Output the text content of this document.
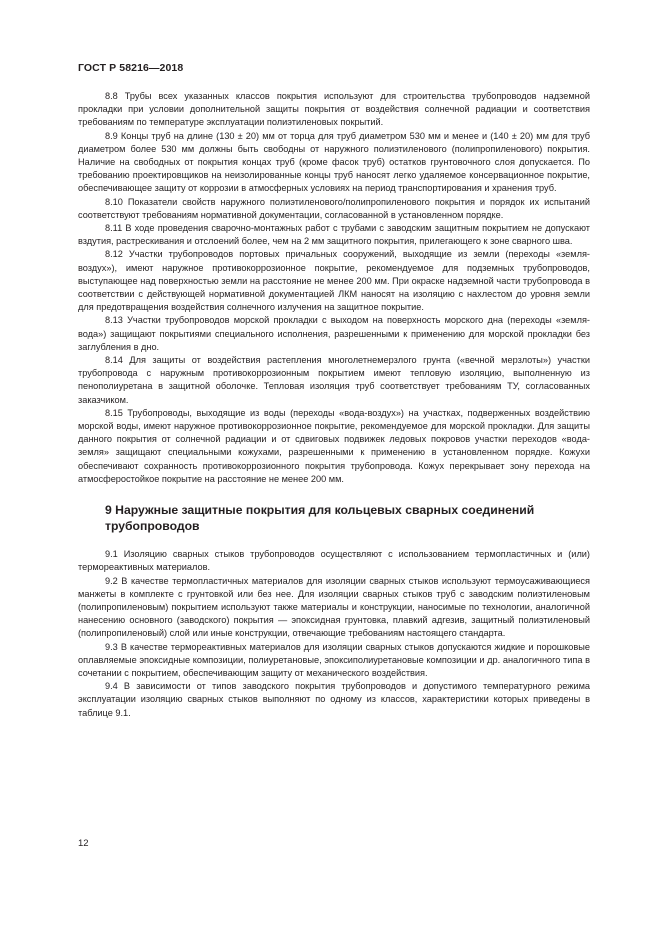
ГОСТ Р 58216—2018

8.8 Трубы всех указанных классов покрытия используют для строительства трубопроводов надземной прокладки при условии дополнительной защиты покрытия от воздействия солнечной радиации и соответствия требованиям по температуре эксплуатации полиэтиленовых покрытий.

8.9 Концы труб на длине (130 ± 20) мм от торца для труб диаметром 530 мм и менее и (140 ± 20) мм для труб диаметром более 530 мм должны быть свободны от наружного полиэтиленового (полипропиленового) покрытия. Наличие на свободных от покрытия концах труб (кроме фасок труб) остатков грунтовочного слоя допускается. По требованию проектировщиков на неизолированные концы труб наносят легко удаляемое консервационное покрытие, обеспечивающее защиту от коррозии в атмосферных условиях на период транспортирования и хранения труб.

8.10 Показатели свойств наружного полиэтиленового/полипропиленового покрытия и порядок их испытаний соответствуют требованиям нормативной документации, согласованной в установленном порядке.

8.11 В ходе проведения сварочно-монтажных работ с трубами с заводским защитным покрытием не допускают вздутия, растрескивания и отслоений более, чем на 2 мм защитного покрытия, прилегающего к зоне сварного шва.

8.12 Участки трубопроводов портовых причальных сооружений, выходящие из земли (переходы «земля-воздух»), имеют наружное противокоррозионное покрытие, рекомендуемое для подземных трубопроводов, выступающее над поверхностью земли на расстояние не менее 200 мм. При окраске надземной части трубопровода в соответствии с действующей нормативной документацией ЛКМ наносят на изоляцию с нахлестом до уровня земли для предотвращения воздействия солнечного излучения на защитное покрытие.

8.13 Участки трубопроводов морской прокладки с выходом на поверхность морского дна (переходы «земля-вода») защищают покрытиями специального исполнения, разрешенными к применению для морской прокладки без заглубления в дно.

8.14 Для защиты от воздействия растепления многолетнемерзлого грунта («вечной мерзлоты») участки трубопровода с наружным противокоррозионным покрытием имеют тепловую изоляцию, выполненную из пенополиуретана в защитной оболочке. Тепловая изоляция труб соответствует требованиям ТУ, согласованных заказчиком.

8.15 Трубопроводы, выходящие из воды (переходы «вода-воздух») на участках, подверженных воздействию морской воды, имеют наружное противокоррозионное покрытие, рекомендуемое для морской прокладки. Для защиты данного покрытия от солнечной радиации и от сдвиговых подвижек ледовых покровов участки переходов «вода-земля» защищают специальными кожухами, разрешенными к применению в установленном порядке. Кожухи обеспечивают сохранность противокоррозионного покрытия трубопровода. Кожух перекрывает зону перехода на атмосферостойкое покрытие на расстояние не менее 200 мм.

9 Наружные защитные покрытия для кольцевых сварных соединений трубопроводов

9.1 Изоляцию сварных стыков трубопроводов осуществляют с использованием термопластичных и (или) термореактивных материалов.

9.2 В качестве термопластичных материалов для изоляции сварных стыков используют термоусаживающиеся манжеты в комплекте с грунтовкой или без нее. Для изоляции сварных стыков труб с заводским полиэтиленовым (полипропиленовым) покрытием используют также материалы и конструкции, наносимые по технологии, аналогичной нанесению основного (заводского) покрытия — эпоксидная грунтовка, плавкий адгезив, защитный полиэтиленовый (полипропиленовый) слой или иные конструкции, отвечающие требованиям настоящего стандарта.

9.3 В качестве термореактивных материалов для изоляции сварных стыков допускаются жидкие и порошковые оплавляемые эпоксидные композиции, полиуретановые, эпоксиполиуретановые композиции и др. аналогичного типа в сочетании с покрытием, обеспечивающим защиту от механического воздействия.

9.4 В зависимости от типов заводского покрытия трубопроводов и допустимого температурного режима эксплуатации изоляцию сварных стыков выполняют по одному из классов, характеристики которых приведены в таблице 9.1.

12
